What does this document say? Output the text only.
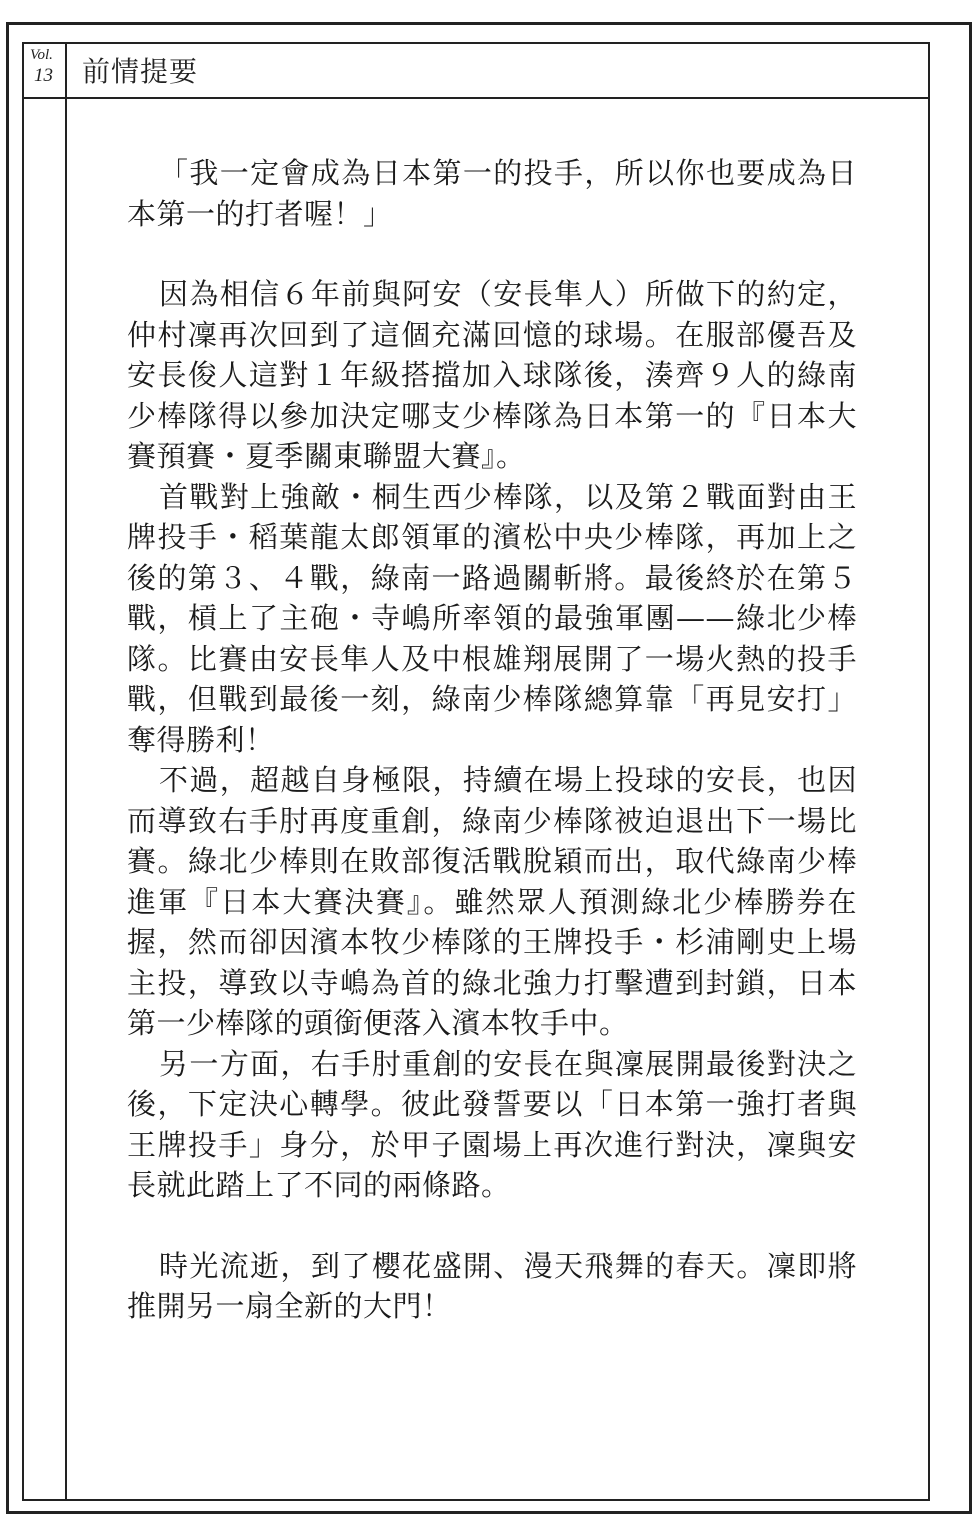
Vol.
13	前情提要

「我一定會成為日本第一的投手，所以你也要成為日本第一的打者喔！」

因為相信６年前與阿安（安長隼人）所做下的約定，仲村凜再次回到了這個充滿回憶的球場。在服部優吾及安長俊人這對１年級搭擋加入球隊後，湊齊９人的綠南少棒隊得以參加決定哪支少棒隊為日本第一的『日本大賽預賽・夏季關東聯盟大賽』。

首戰對上強敵・桐生西少棒隊，以及第２戰面對由王牌投手・稻葉龍太郎領軍的濱松中央少棒隊，再加上之後的第３、４戰，綠南一路過關斬將。最後終於在第５戰，槓上了主砲・寺嶋所率領的最強軍團——綠北少棒隊。比賽由安長隼人及中根雄翔展開了一場火熱的投手戰，但戰到最後一刻，綠南少棒隊總算靠「再見安打」奪得勝利！

不過，超越自身極限，持續在場上投球的安長，也因而導致右手肘再度重創，綠南少棒隊被迫退出下一場比賽。綠北少棒則在敗部復活戰脫穎而出，取代綠南少棒進軍『日本大賽決賽』。雖然眾人預測綠北少棒勝券在握，然而卻因濱本牧少棒隊的王牌投手・杉浦剛史上場主投，導致以寺嶋為首的綠北強力打擊遭到封鎖，日本第一少棒隊的頭銜便落入濱本牧手中。

另一方面，右手肘重創的安長在與凜展開最後對決之後，下定決心轉學。彼此發誓要以「日本第一強打者與王牌投手」身分，於甲子園場上再次進行對決，凜與安長就此踏上了不同的兩條路。

時光流逝，到了櫻花盛開、漫天飛舞的春天。凜即將推開另一扇全新的大門！
